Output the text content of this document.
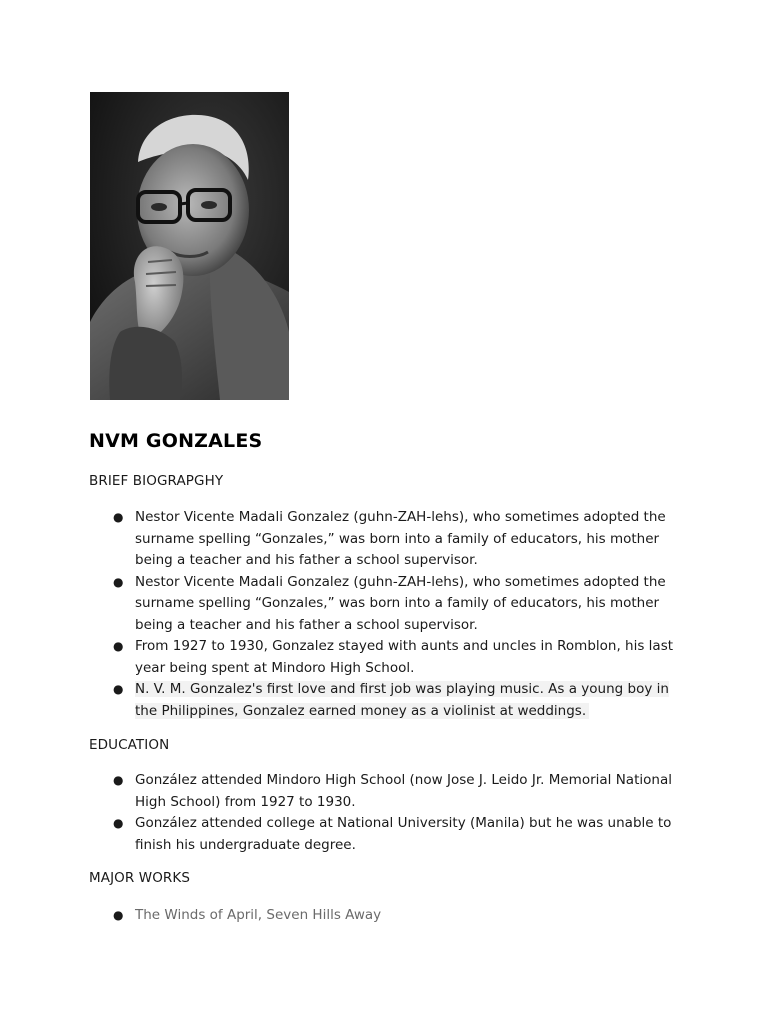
NVM GONZALES
BRIEF BIOGRAPGHY
● Nestor Vicente Madali Gonzalez (guhn-ZAH-lehs), who sometimes adopted the surname spelling “Gonzales,” was born into a family of educators, his mother being a teacher and his father a school supervisor.
● Nestor Vicente Madali Gonzalez (guhn-ZAH-lehs), who sometimes adopted the surname spelling “Gonzales,” was born into a family of educators, his mother being a teacher and his father a school supervisor.
● From 1927 to 1930, Gonzalez stayed with aunts and uncles in Romblon, his last year being spent at Mindoro High School.
● N. V. M. Gonzalez's first love and first job was playing music. As a young boy in the Philippines, Gonzalez earned money as a violinist at weddings.
EDUCATION
● González attended Mindoro High School (now Jose J. Leido Jr. Memorial National High School) from 1927 to 1930.
● González attended college at National University (Manila) but he was unable to finish his undergraduate degree.
MAJOR WORKS
● The Winds of April, Seven Hills Away
